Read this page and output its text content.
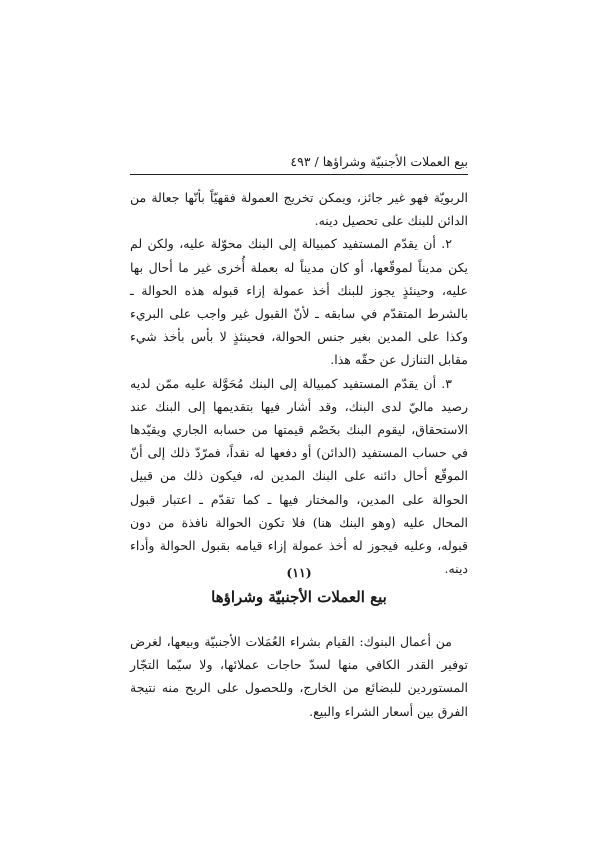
بيع العملات الأجنبيّة وشراؤها / ٤٩٣

الربويّة فهو غير جائز، ويمكن تخريج العمولة فقهيّاً بأنّها جعالة من الدائن للبنك على تحصيل دينه.

٢. أن يقدّم المستفيد كمبيالة إلى البنك محوّلة عليه، ولكن لم يكن مديناً لموقّعها، أو كان مديناً له بعملة أُخرى غير ما أحال بها عليه، وحينئذٍ يجوز للبنك أخذ عمولة إزاء قبوله هذه الحوالة ـ بالشرط المتقدّم في سابقه ـ لأنّ القبول غير واجب على البريء وكذا على المدين بغير جنس الحوالة، فحينئذٍ لا بأس بأخذ شيء مقابل التنازل عن حقّه هذا.

٣. أن يقدّم المستفيد كمبيالة إلى البنك مُحَوَّلة عليه ممّن لديه رصيد ماليّ لدى البنك، وقد أشار فيها بتقديمها إلى البنك عند الاستحقاق، ليقوم البنك بخَصْم قيمتها من حسابه الجاري ويقيّدها في حساب المستفيد (الدائن) أو دفعها له نقداً، فمرّدّ ذلك إلى أنّ الموقّع أحال دائنه على البنك المدين له، فيكون ذلك من قبيل الحوالة على المدين، والمختار فيها ـ كما تقدّم ـ اعتبار قبول المحال عليه (وهو البنك هنا) فلا تكون الحوالة نافذة من دون قبوله، وعليه فيجوز له أخذ عمولة إزاء قيامه بقبول الحوالة وأداء دينه.

(١١)
بيع العملات الأجنبيّة وشراؤها

من أعمال البنوك: القيام بشراء العُمَلات الأجنبيّة وبيعها، لغرض توفير القدر الكافي منها لسدّ حاجات عملائها، ولا سيّما التجّار المستوردين للبضائع من الخارج، وللحصول على الربح منه نتيجة الفرق بين أسعار الشراء والبيع.
